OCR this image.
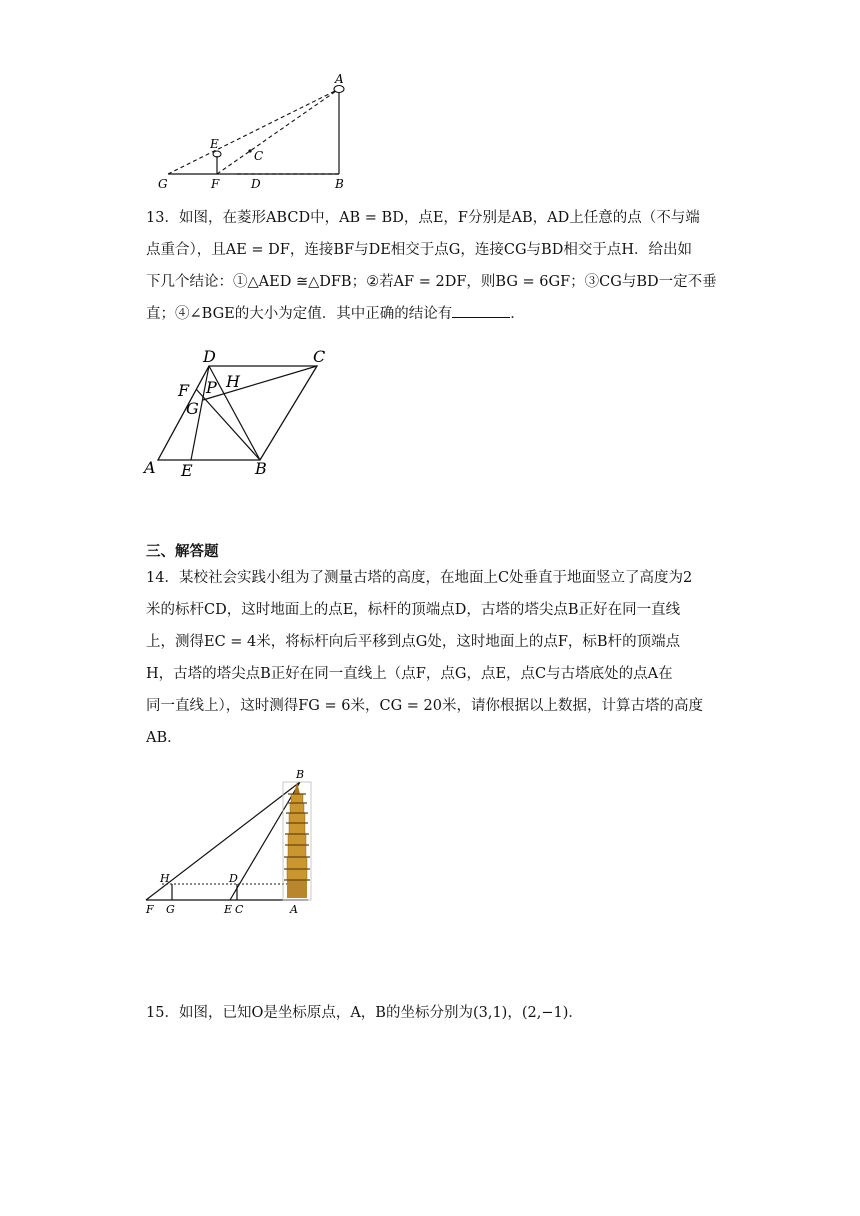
A
E
C
G	F	D	B
13．如图，在菱形ABCD中，AB = BD，点E，F分别是AB，AD上任意的点（不与端
点重合），且AE = DF，连接BF与DE相交于点G，连接CG与BD相交于点H．给出如
下几个结论：①△AED ≅△DFB；②若AF = 2DF，则BG = 6GF；③CG与BD一定不垂
直；④∠BGE的大小为定值．其中正确的结论有	．
D	C
F P H
G
A E	B
三、解答题
14．某校社会实践小组为了测量古塔的高度，在地面上C处垂直于地面竖立了高度为2
米的标杆CD，这时地面上的点E，标杆的顶端点D，古塔的塔尖点B正好在同一直线
上，测得EC = 4米，将标杆向后平移到点G处，这时地面上的点F，标B杆的顶端点
H，古塔的塔尖点B正好在同一直线上（点F，点G，点E，点C与古塔底处的点A在
同一直线上），这时测得FG = 6米，CG = 20米，请你根据以上数据，计算古塔的高度
AB．
B
H	D
F G	E C	A
15．如图，已知O是坐标原点，A，B的坐标分别为(3,1)，(2,−1)．
